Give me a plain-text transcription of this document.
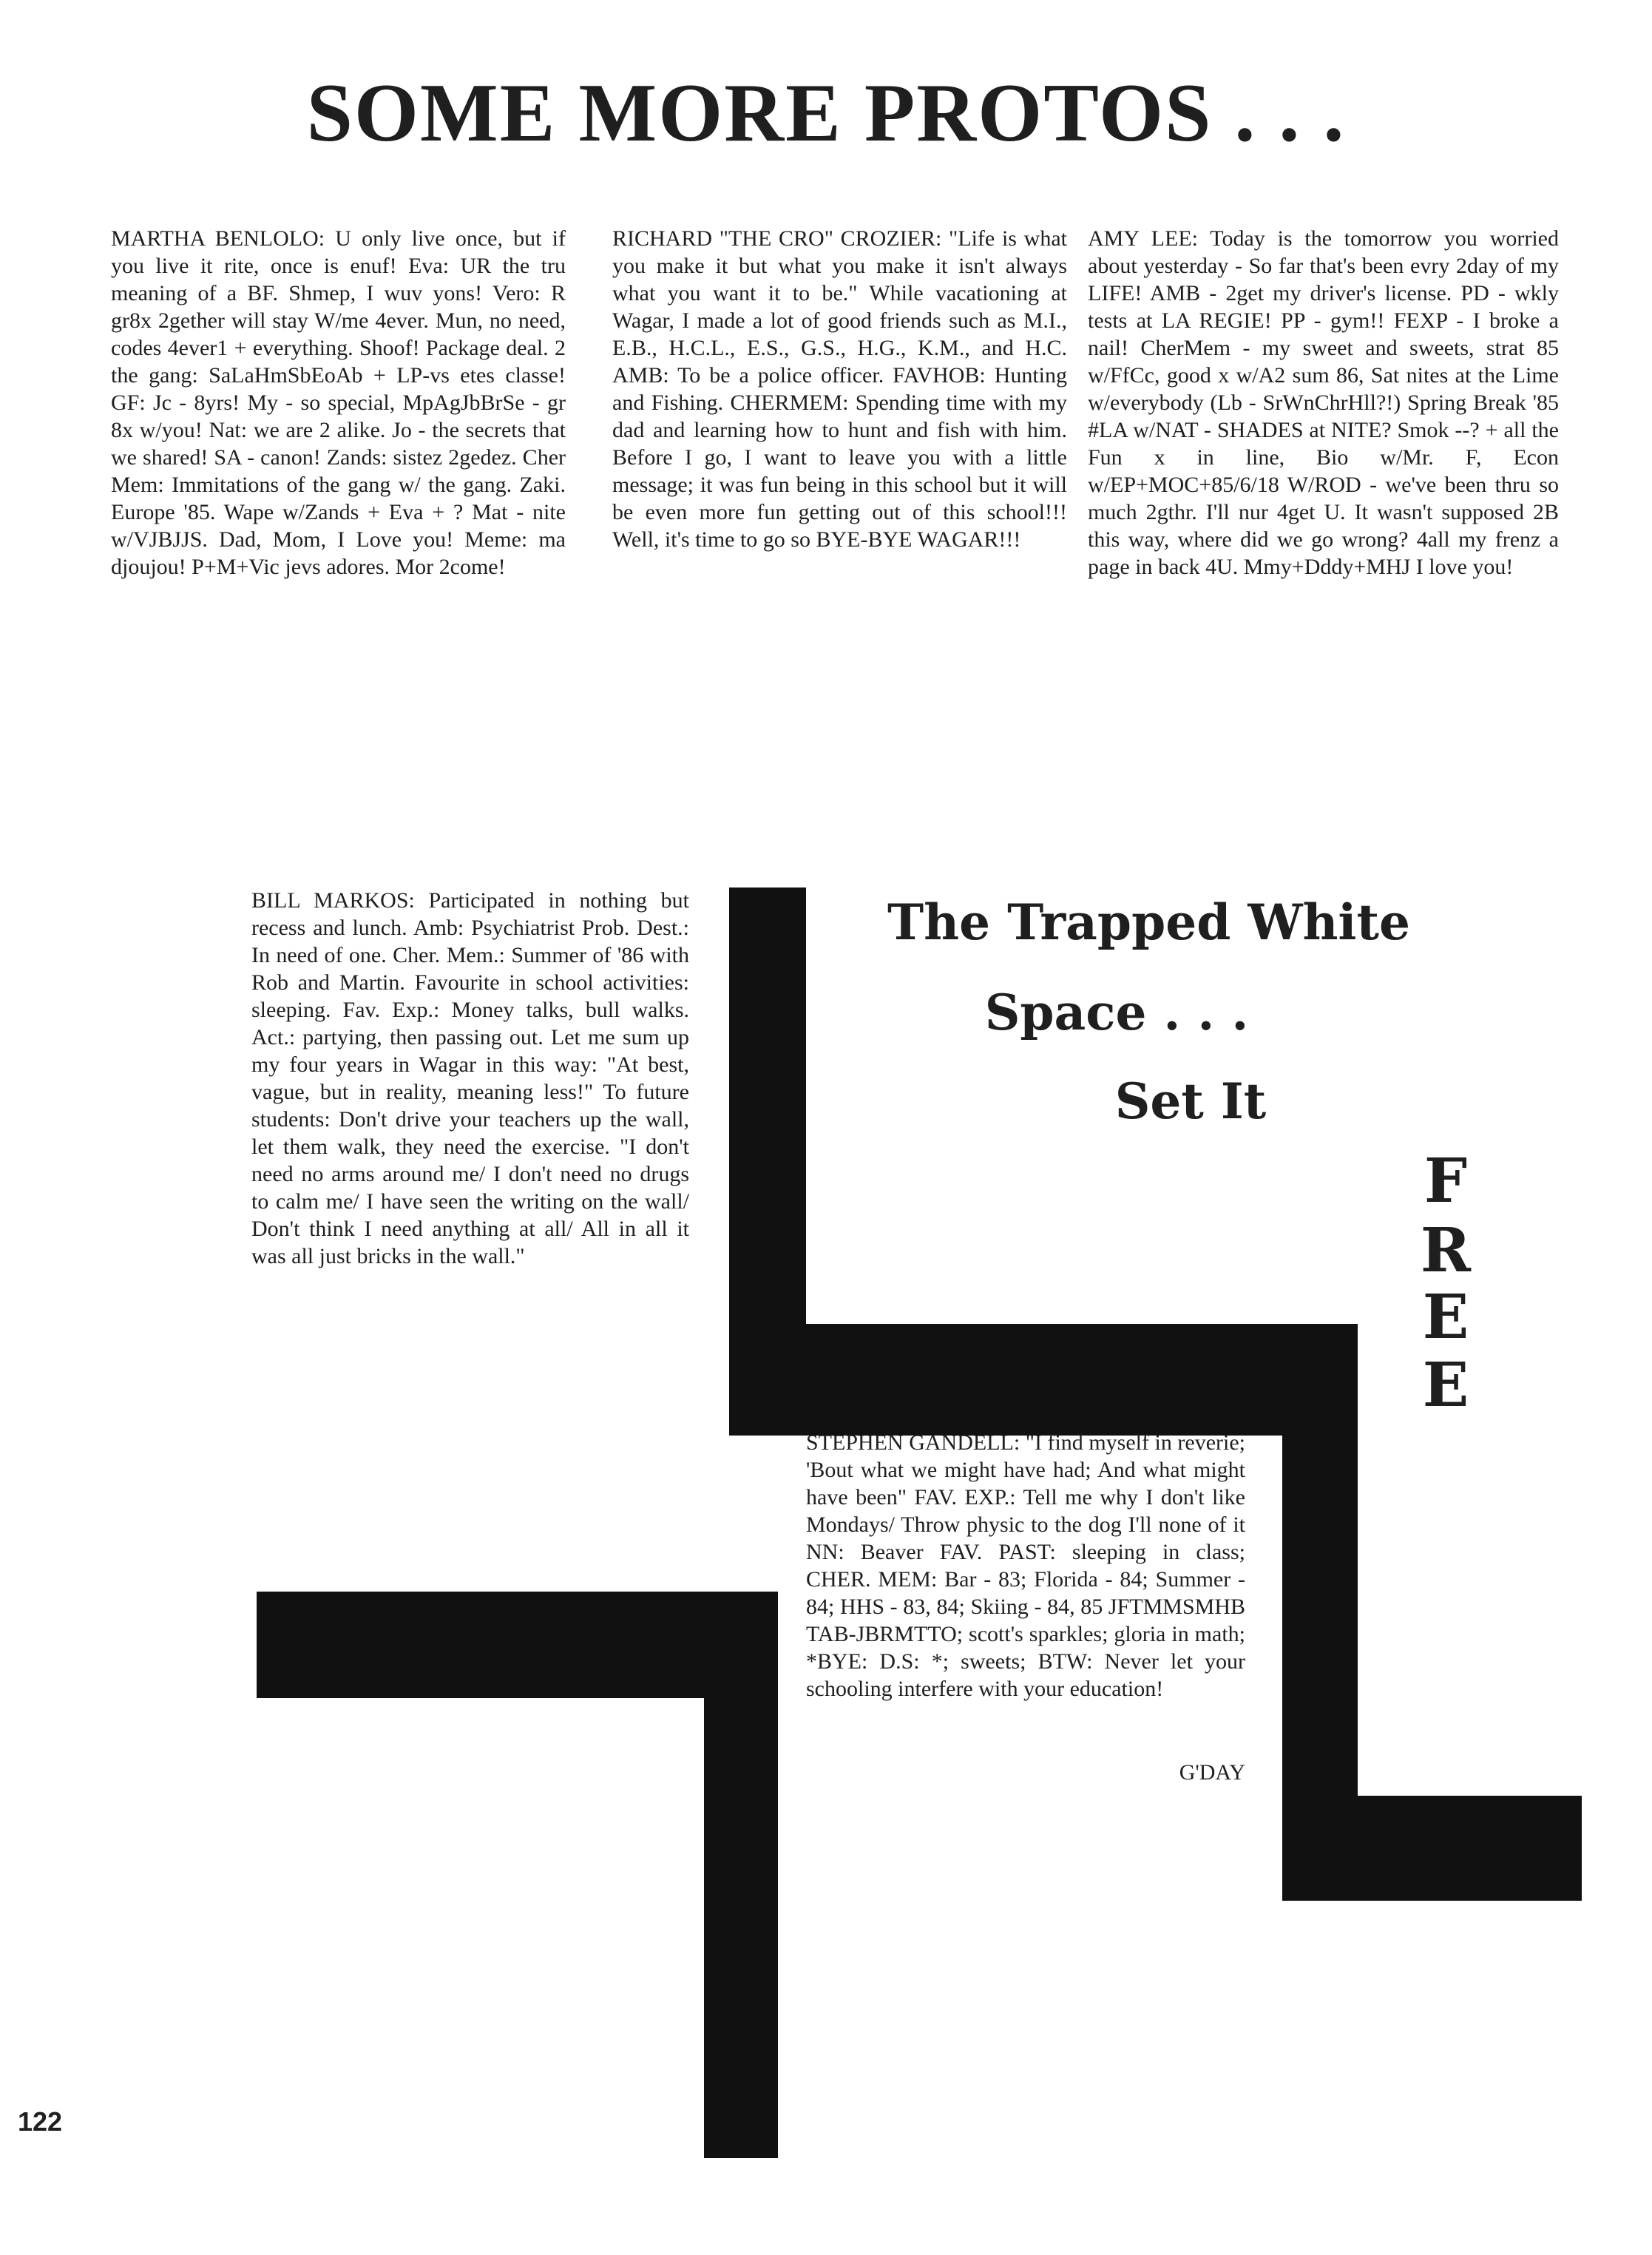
SOME MORE PROTOS . . .
MARTHA BENLOLO: U only live once, but if you live it rite, once is enuf! Eva: UR the tru meaning of a BF. Shmep, I wuv yons! Vero: R gr8x 2gether will stay W/me 4ever. Mun, no need, codes 4ever1 + everything. Shoof! Package deal. 2 the gang: SaLaHmSbEoAb + LP-vs etes classe! GF: Jc - 8yrs! My - so special, MpAgJbBrSe - gr 8x w/you! Nat: we are 2 alike. Jo - the secrets that we shared! SA - canon! Zands: sistez 2gedez. Cher Mem: Immitations of the gang w/ the gang. Zaki. Europe '85. Wape w/Zands + Eva + ? Mat - nite w/VJBJJS. Dad, Mom, I Love you! Meme: ma djoujou! P+M+Vic jevs adores. Mor 2come!
RICHARD "THE CRO" CROZIER: "Life is what you make it but what you make it isn't always what you want it to be." While vacationing at Wagar, I made a lot of good friends such as M.I., E.B., H.C.L., E.S., G.S., H.G., K.M., and H.C. AMB: To be a police officer. FAVHOB: Hunting and Fishing. CHERMEM: Spending time with my dad and learning how to hunt and fish with him. Before I go, I want to leave you with a little message; it was fun being in this school but it will be even more fun getting out of this school!!! Well, it's time to go so BYE-BYE WAGAR!!!
AMY LEE: Today is the tomorrow you worried about yesterday - So far that's been evry 2day of my LIFE! AMB - 2get my driver's license. PD - wkly tests at LA REGIE! PP - gym!! FEXP - I broke a nail! CherMem - my sweet and sweets, strat 85 w/FfCc, good x w/A2 sum 86, Sat nites at the Lime w/everybody (Lb - SrWnChrHll?!) Spring Break '85 #LA w/NAT - SHADES at NITE? Smok --? + all the Fun x in line, Bio w/Mr. F, Econ w/EP+MOC+85/6/18 W/ROD - we've been thru so much 2gthr. I'll nur 4get U. It wasn't supposed 2B this way, where did we go wrong? 4all my frenz a page in back 4U. Mmy+Dddy+MHJ I love you!
BILL MARKOS: Participated in nothing but recess and lunch. Amb: Psychiatrist Prob. Dest.: In need of one. Cher. Mem.: Summer of '86 with Rob and Martin. Favourite in school activities: sleeping. Fav. Exp.: Money talks, bull walks. Act.: partying, then passing out. Let me sum up my four years in Wagar in this way: "At best, vague, but in reality, meaning less!" To future students: Don't drive your teachers up the wall, let them walk, they need the exercise. "I don't need no arms around me/ I don't need no drugs to calm me/ I have seen the writing on the wall/ Don't think I need anything at all/ All in all it was all just bricks in the wall."
The Trapped White
Space . . .
Set It
F
R
E
E
STEPHEN GANDELL: "I find myself in reverie; 'Bout what we might have had; And what might have been" FAV. EXP.: Tell me why I don't like Mondays/ Throw physic to the dog I'll none of it NN: Beaver FAV. PAST: sleeping in class; CHER. MEM: Bar - 83; Florida - 84; Summer - 84; HHS - 83, 84; Skiing - 84, 85 JFTMMSMHB TAB-JBRMTTO; scott's sparkles; gloria in math; *BYE: D.S: *; sweets; BTW: Never let your schooling interfere with your education!
G'DAY
122
